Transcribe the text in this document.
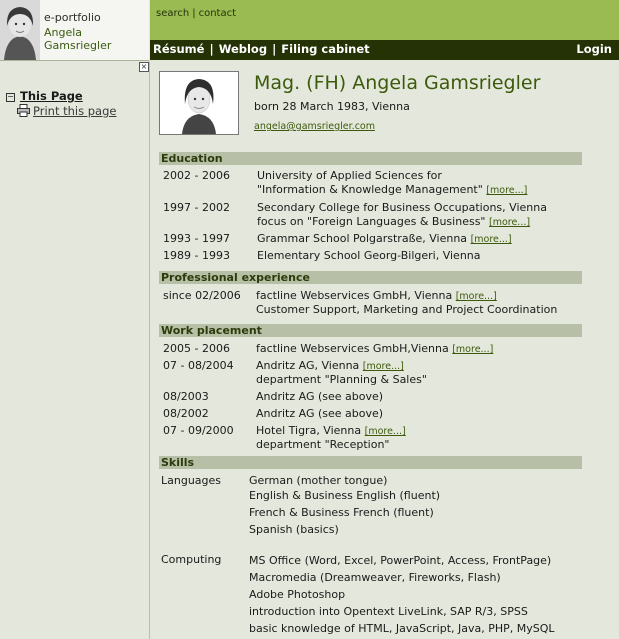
e-portfolio
Angela Gamsriegler
search | contact
Résumé | Weblog | Filing cabinet	Login
×
− This Page
Print this page
Mag. (FH) Angela Gamsriegler
born 28 March 1983, Vienna
angela@gamsriegler.com
Education
2002 - 2006 University of Applied Sciences for
"Information & Knowledge Management" [more...]
1997 - 2002 Secondary College for Business Occupations, Vienna
focus on "Foreign Languages & Business" [more...]
1993 - 1997 Grammar School Polgarstraße, Vienna [more...]
1989 - 1993 Elementary School Georg-Bilgeri, Vienna
Professional experience
since 02/2006 factline Webservices GmbH, Vienna [more...]
Customer Support, Marketing and Project Coordination
Work placement
2005 - 2006 factline Webservices GmbH,Vienna [more...]
07 - 08/2004 Andritz AG, Vienna [more...]
department "Planning & Sales"
08/2003	Andritz AG (see above)
08/2002	Andritz AG (see above)
07 - 09/2000 Hotel Tigra, Vienna [more...]
department "Reception"
Skills
Languages	German (mother tongue)
English & Business English (fluent)
French & Business French (fluent)
Spanish (basics)
Computing	MS Office (Word, Excel, PowerPoint, Access, FrontPage)
Macromedia (Dreamweaver, Fireworks, Flash)
Adobe Photoshop
introduction into Opentext LiveLink, SAP R/3, SPSS
basic knowledge of HTML, JavaScript, Java, PHP, MySQL
